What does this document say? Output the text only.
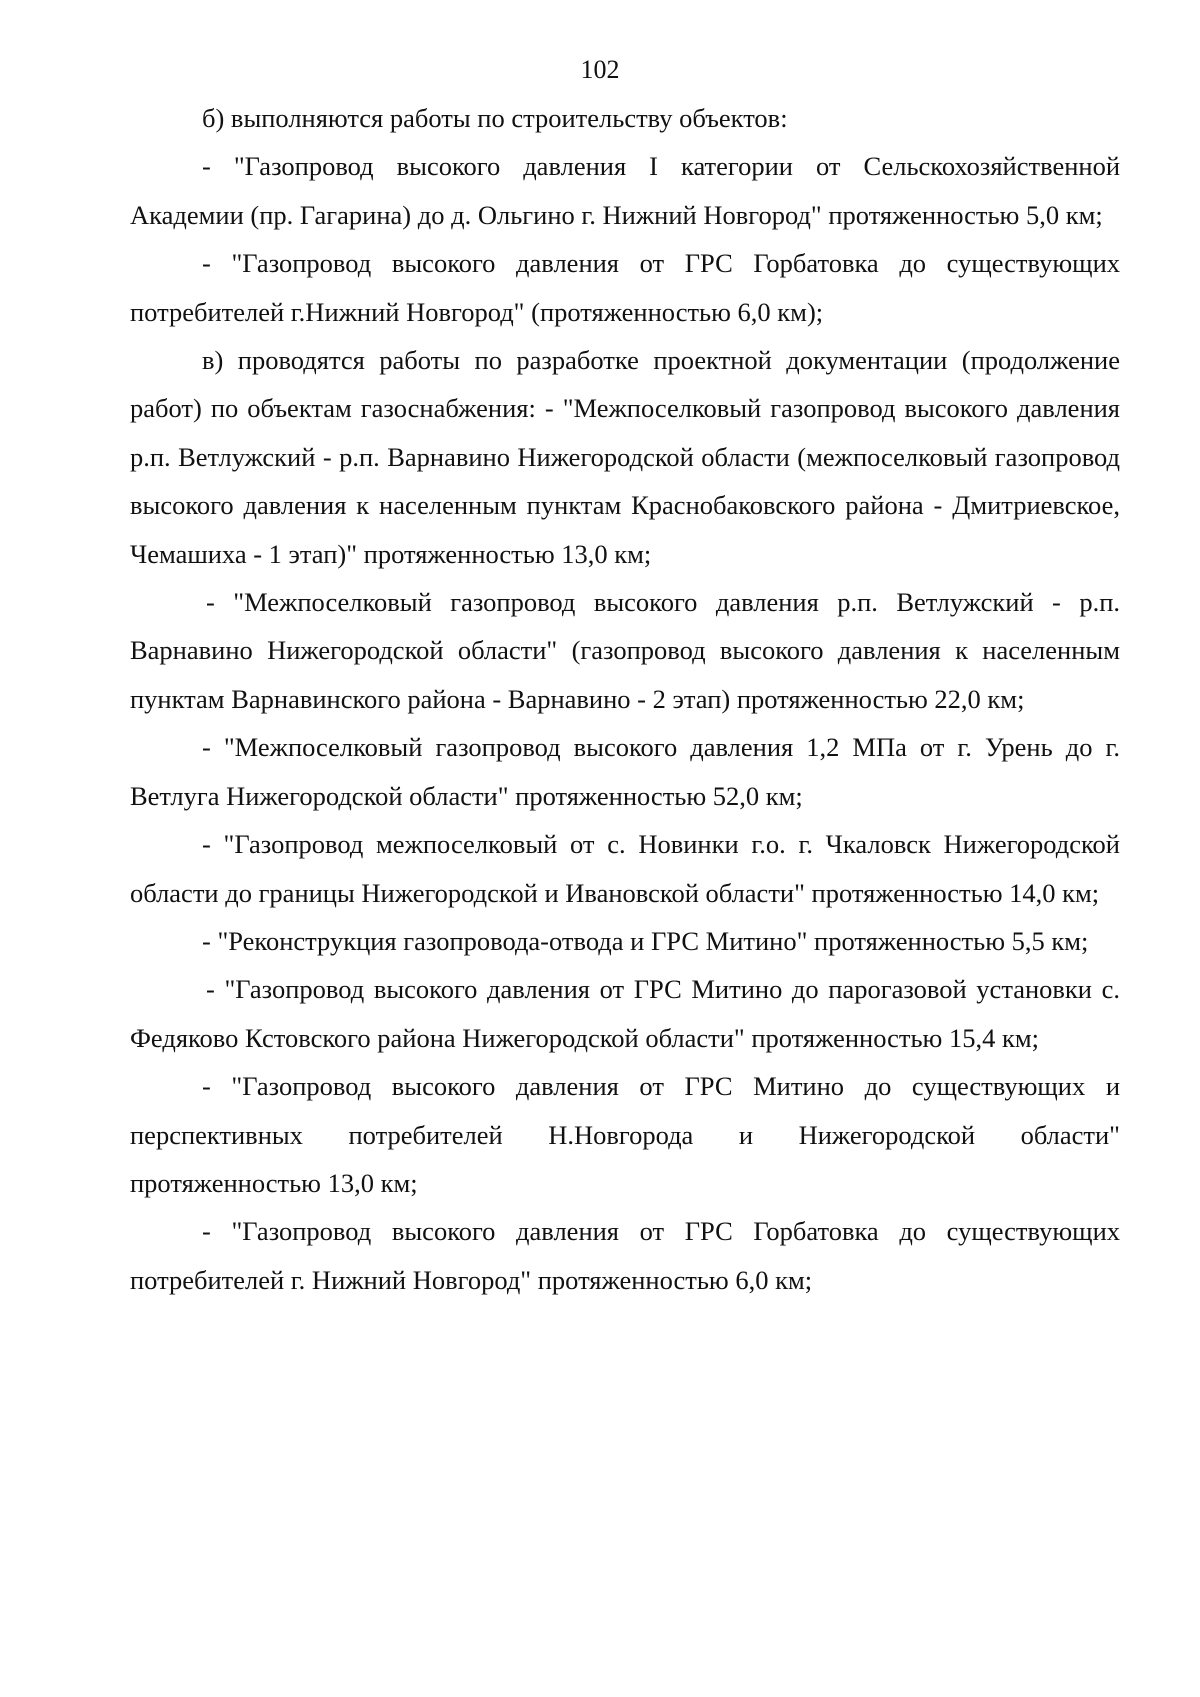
102

б) выполняются работы по строительству объектов:

- "Газопровод высокого давления I категории от Сельскохозяйственной Академии (пр. Гагарина) до д. Ольгино г. Нижний Новгород" протяженностью 5,0 км;

- "Газопровод высокого давления от ГРС Горбатовка до существующих потребителей г.Нижний Новгород" (протяженностью 6,0 км);

в) проводятся работы по разработке проектной документации (продолжение работ) по объектам газоснабжения: - "Межпоселковый газопровод высокого давления р.п. Ветлужский - р.п. Варнавино Нижегородской области (межпоселковый газопровод высокого давления к населенным пунктам Краснобаковского района - Дмитриевское, Чемашиха - 1 этап)" протяженностью 13,0 км;

- "Межпоселковый газопровод высокого давления р.п. Ветлужский - р.п. Варнавино Нижегородской области" (газопровод высокого давления к населенным пунктам Варнавинского района - Варнавино - 2 этап) протяженностью 22,0 км;

- "Межпоселковый газопровод высокого давления 1,2 МПа от г. Урень до г. Ветлуга Нижегородской области" протяженностью 52,0 км;

- "Газопровод межпоселковый от с. Новинки г.о. г. Чкаловск Нижегородской области до границы Нижегородской и Ивановской области" протяженностью 14,0 км;

- "Реконструкция газопровода-отвода и ГРС Митино" протяженностью 5,5 км;

- "Газопровод высокого давления от ГРС Митино до парогазовой установки с. Федяково Кстовского района Нижегородской области" протяженностью 15,4 км;

- "Газопровод высокого давления от ГРС Митино до существующих и перспективных потребителей Н.Новгорода и Нижегородской области" протяженностью 13,0 км;

- "Газопровод высокого давления от ГРС Горбатовка до существующих потребителей г. Нижний Новгород" протяженностью 6,0 км;
